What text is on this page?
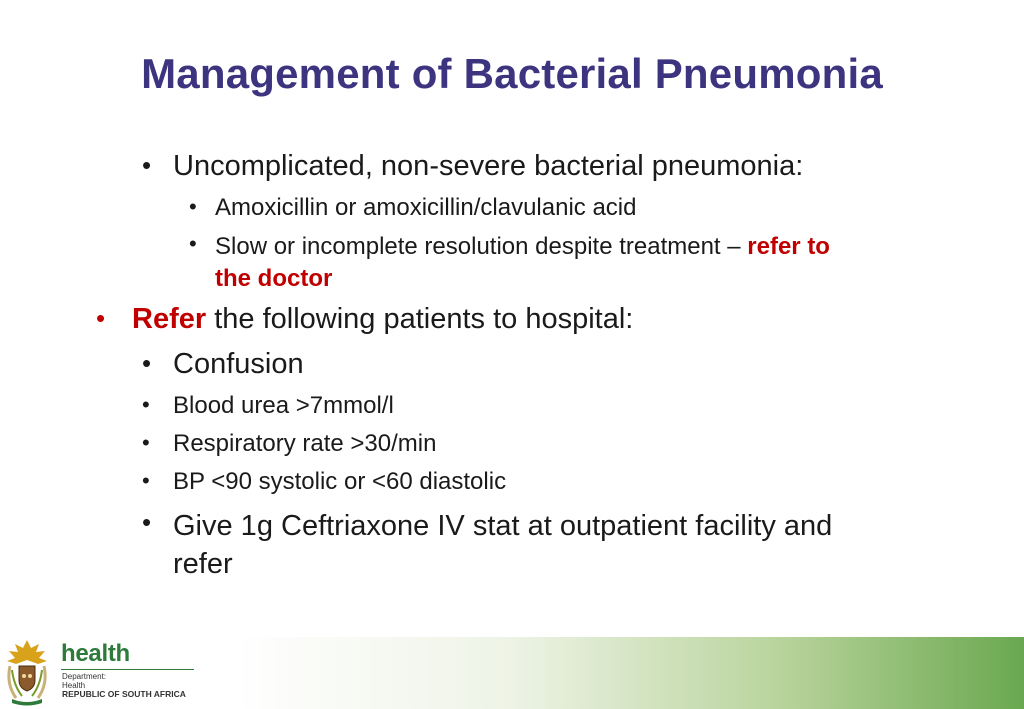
Management of Bacterial Pneumonia
• Uncomplicated, non-severe bacterial pneumonia:
• Amoxicillin or amoxicillin/clavulanic acid
• Slow or incomplete resolution despite treatment – refer to
the doctor
• Refer the following patients to hospital:
• Confusion
• Blood urea >7mmol/l
• Respiratory rate >30/min
• BP <90 systolic or <60 diastolic
• Give 1g Ceftriaxone IV stat at outpatient facility and
refer
health
Department:
Health
REPUBLIC OF SOUTH AFRICA
